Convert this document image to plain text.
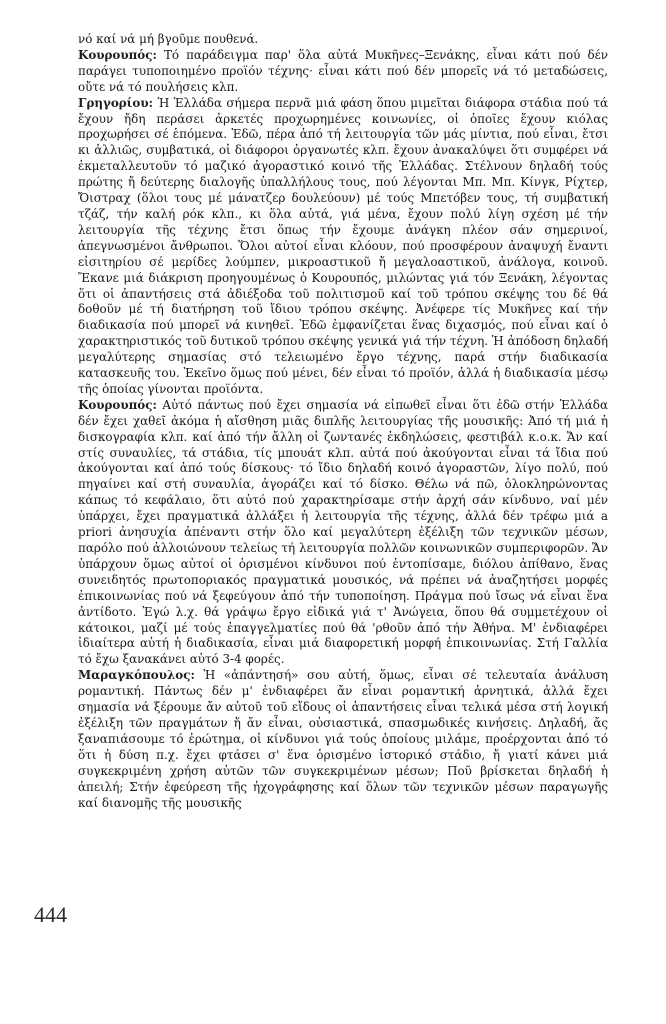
νό καί νά μή βγοῦμε πουθενά.

Κουρουπός: Τό παράδειγμα παρ' ὅλα αὐτά Μυκῆνες–Ξενάκης, εἶναι κάτι πού δέν παράγει τυποποιημένο προϊόν τέχνης· εἶναι κάτι πού δέν μπορεῖς νά τό μεταδώσεις, οὔτε νά τό πουλήσεις κλπ.

Γρηγορίου: Ἡ Ἑλλάδα σήμερα περνᾶ μιά φάση ὅπου μιμεῖται διάφορα στάδια πού τά ἔχουν ἤδη περάσει ἀρκετές προχωρημένες κοινωνίες, οἱ ὁποῖες ἔχουν κιόλας προχωρήσει σέ ἑπόμενα. Ἐδῶ, πέρα ἀπό τή λειτουργία τῶν μάς μίντια, πού εἶναι, ἔτσι κι ἀλλιῶς, συμβατικά, οἱ διάφοροι ὀργανωτές κλπ. ἔχουν ἀνακαλύψει ὅτι συμφέρει νά ἐκμεταλλευτοῦν τό μαζικό ἀγοραστικό κοινό τῆς Ἑλλάδας. Στέλνουν δηλαδή τούς πρώτης ἤ δεύτερης διαλογῆς ὑπαλλήλους τους, πού λέγονται Μπ. Μπ. Κίνγκ, Ρίχτερ, Ὄιστραχ (ὅλοι τους μέ μάνατζερ δουλεύουν) μέ τούς Μπετόβεν τους, τή συμβατική τζάζ, τήν καλή ρόκ κλπ., κι ὅλα αὐτά, γιά μένα, ἔχουν πολύ λίγη σχέση μέ τήν λειτουργία τῆς τέχνης ἔτσι ὅπως τήν ἔχουμε ἀνάγκη πλέον σάν σημερινοί, ἀπεγνωσμένοι ἄνθρωποι. Ὅλοι αὐτοί εἶναι κλόουν, πού προσφέρουν ἀναψυχή ἔναντι εἰσιτηρίου σέ μερίδες λούμπεν, μικροαστικοῦ ἤ μεγαλοαστικοῦ, ἀνάλογα, κοινοῦ. Ἔκανε μιά διάκριση προηγουμένως ὁ Κουρουπός, μιλώντας γιά τόν Ξενάκη, λέγοντας ὅτι οἱ ἀπαντήσεις στά ἀδιέξοδα τοῦ πολιτισμοῦ καί τοῦ τρόπου σκέψης του δέ θά δοθοῦν μέ τή διατήρηση τοῦ ἴδιου τρόπου σκέψης. Ἀνέφερε τίς Μυκῆνες καί τήν διαδικασία πού μπορεῖ νά κινηθεῖ. Ἐδῶ ἐμφανίζεται ἕνας διχασμός, πού εἶναι καί ὁ χαρακτηριστικός τοῦ δυτικοῦ τρόπου σκέψης γενικά γιά τήν τέχνη. Ἡ ἀπόδοση δηλαδή μεγαλύτερης σημασίας στό τελειωμένο ἔργο τέχνης, παρά στήν διαδικασία κατασκευῆς του. Ἐκεῖνο ὅμως πού μένει, δέν εἶναι τό προϊόν, ἀλλά ἡ διαδικασία μέσῳ τῆς ὁποίας γίνονται προϊόντα.

Κουρουπός: Αὐτό πάντως πού ἔχει σημασία νά εἰπωθεῖ εἶναι ὅτι ἐδῶ στήν Ἑλλάδα δέν ἔχει χαθεῖ ἀκόμα ἡ αἴσθηση μιᾶς διπλῆς λειτουργίας τῆς μουσικῆς: Ἀπό τή μιά ἡ δισκογραφία κλπ. καί ἀπό τήν ἄλλη οἱ ζωντανές ἐκδηλώσεις, φεστιβάλ κ.ο.κ. Ἄν καί στίς συναυλίες, τά στάδια, τίς μπουάτ κλπ. αὐτά πού ἀκούγονται εἶναι τά ἴδια πού ἀκούγονται καί ἀπό τούς δίσκους· τό ἴδιο δηλαδή κοινό ἀγοραστῶν, λίγο πολύ, πού πηγαίνει καί στή συναυλία, ἀγοράζει καί τό δίσκο. Θέλω νά πῶ, ὁλοκληρώνοντας κάπως τό κεφάλαιο, ὅτι αὐτό πού χαρακτηρίσαμε στήν ἀρχή σάν κίνδυνο, ναί μέν ὑπάρχει, ἔχει πραγματικά ἀλλάξει ἡ λειτουργία τῆς τέχνης, ἀλλά δέν τρέφω μιά a priori ἀνησυχία ἀπέναντι στήν ὅλο καί μεγαλύτερη ἐξέλιξη τῶν τεχνικῶν μέσων, παρόλο πού ἀλλοιώνουν τελείως τή λειτουργία πολλῶν κοινωνικῶν συμπεριφορῶν. Ἄν ὑπάρχουν ὅμως αὐτοί οἱ ὁρισμένοι κίνδυνοι πού ἐντοπίσαμε, διόλου ἀπίθανο, ἕνας συνειδητός πρωτοποριακός πραγματικά μουσικός, νά πρέπει νά ἀναζητήσει μορφές ἐπικοινωνίας πού νά ξεφεύγουν ἀπό τήν τυποποίηση. Πράγμα πού ἴσως νά εἶναι ἕνα ἀντίδοτο. Ἐγώ λ.χ. θά γράψω ἔργο εἰδικά γιά τ' Ἀνώγεια, ὅπου θά συμμετέχουν οἱ κάτοικοι, μαζί μέ τούς ἐπαγγελματίες πού θά 'ρθοῦν ἀπό τήν Ἀθήνα. Μ' ἐνδιαφέρει ἰδιαίτερα αὐτή ἡ διαδικασία, εἶναι μιά διαφορετική μορφή ἐπικοινωνίας. Στή Γαλλία τό ἔχω ξανακάνει αὐτό 3-4 φορές.

Μαραγκόπουλος: Ἡ «ἀπάντησή» σου αὐτή, ὅμως, εἶναι σέ τελευταία ἀνάλυση ρομαντική. Πάντως δέν μ' ἐνδιαφέρει ἄν εἶναι ρομαντική ἀρνητικά, ἀλλά ἔχει σημασία νά ξέρουμε ἄν αὐτοῦ τοῦ εἴδους οἱ ἀπαντήσεις εἶναι τελικά μέσα στή λογική ἐξέλιξη τῶν πραγμάτων ἤ ἄν εἶναι, οὐσιαστικά, σπασμωδικές κινήσεις. Δηλαδή, ἄς ξαναπιάσουμε τό ἐρώτημα, οἱ κίνδυνοι γιά τούς ὁποίους μιλάμε, προέρχονται ἀπό τό ὅτι ἡ δύση π.χ. ἔχει φτάσει σ' ἕνα ὁρισμένο ἱστορικό στάδιο, ἤ γιατί κάνει μιά συγκεκριμένη χρήση αὐτῶν τῶν συγκεκριμένων μέσων; Ποῦ βρίσκεται δηλαδή ἡ ἀπειλή; Στήν ἐφεύρεση τῆς ἠχογράφησης καί ὅλων τῶν τεχνικῶν μέσων παραγωγῆς καί διανομῆς τῆς μουσικῆς

444
